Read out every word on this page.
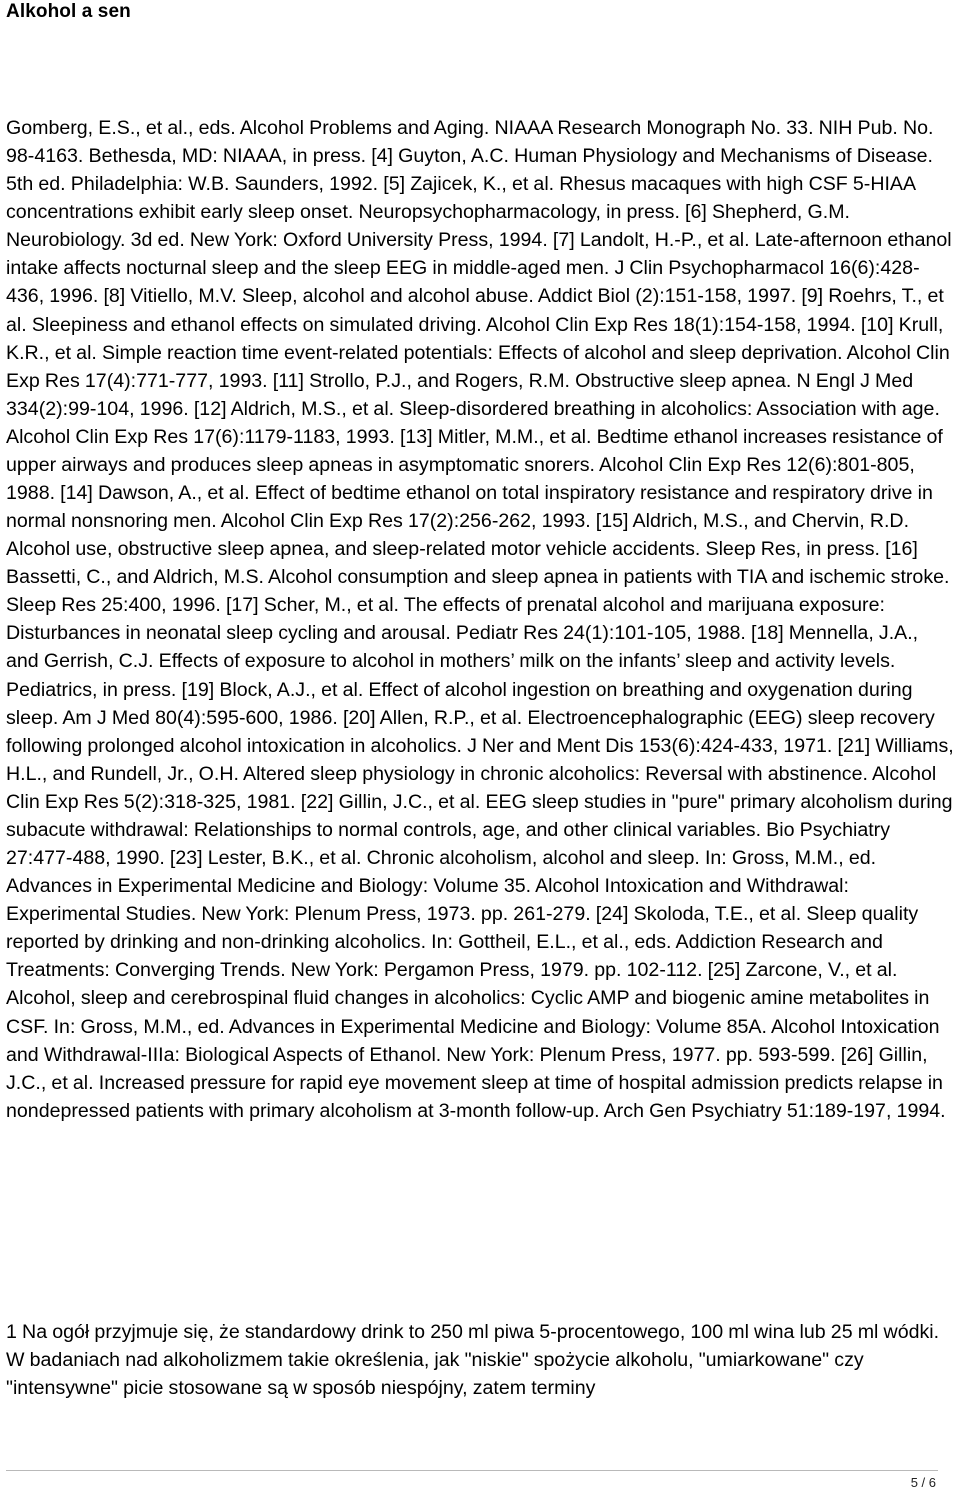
Alkohol a sen
Gomberg, E.S., et al., eds. Alcohol Problems and Aging. NIAAA Research Monograph No. 33. NIH Pub. No. 98-4163. Bethesda, MD: NIAAA, in press. [4] Guyton, A.C. Human Physiology and Mechanisms of Disease. 5th ed. Philadelphia: W.B. Saunders, 1992. [5] Zajicek, K., et al. Rhesus macaques with high CSF 5-HIAA concentrations exhibit early sleep onset. Neuropsychopharmacology, in press. [6] Shepherd, G.M. Neurobiology. 3d ed. New York: Oxford University Press, 1994. [7] Landolt, H.-P., et al. Late-afternoon ethanol intake affects nocturnal sleep and the sleep EEG in middle-aged men. J Clin Psychopharmacol 16(6):428-436, 1996. [8] Vitiello, M.V. Sleep, alcohol and alcohol abuse. Addict Biol (2):151-158, 1997. [9] Roehrs, T., et al. Sleepiness and ethanol effects on simulated driving. Alcohol Clin Exp Res 18(1):154-158, 1994. [10] Krull, K.R., et al. Simple reaction time event-related potentials: Effects of alcohol and sleep deprivation. Alcohol Clin Exp Res 17(4):771-777, 1993. [11] Strollo, P.J., and Rogers, R.M. Obstructive sleep apnea. N Engl J Med 334(2):99-104, 1996. [12] Aldrich, M.S., et al. Sleep-disordered breathing in alcoholics: Association with age. Alcohol Clin Exp Res 17(6):1179-1183, 1993. [13] Mitler, M.M., et al. Bedtime ethanol increases resistance of upper airways and produces sleep apneas in asymptomatic snorers. Alcohol Clin Exp Res 12(6):801-805, 1988. [14] Dawson, A., et al. Effect of bedtime ethanol on total inspiratory resistance and respiratory drive in normal nonsnoring men. Alcohol Clin Exp Res 17(2):256-262, 1993. [15] Aldrich, M.S., and Chervin, R.D. Alcohol use, obstructive sleep apnea, and sleep-related motor vehicle accidents. Sleep Res, in press. [16] Bassetti, C., and Aldrich, M.S. Alcohol consumption and sleep apnea in patients with TIA and ischemic stroke. Sleep Res 25:400, 1996. [17] Scher, M., et al. The effects of prenatal alcohol and marijuana exposure: Disturbances in neonatal sleep cycling and arousal. Pediatr Res 24(1):101-105, 1988. [18] Mennella, J.A., and Gerrish, C.J. Effects of exposure to alcohol in mothers’ milk on the infants’ sleep and activity levels. Pediatrics, in press. [19] Block, A.J., et al. Effect of alcohol ingestion on breathing and oxygenation during sleep. Am J Med 80(4):595-600, 1986. [20] Allen, R.P., et al. Electroencephalographic (EEG) sleep recovery following prolonged alcohol intoxication in alcoholics. J Ner and Ment Dis 153(6):424-433, 1971. [21] Williams, H.L., and Rundell, Jr., O.H. Altered sleep physiology in chronic alcoholics: Reversal with abstinence. Alcohol Clin Exp Res 5(2):318-325, 1981. [22] Gillin, J.C., et al. EEG sleep studies in "pure" primary alcoholism during subacute withdrawal: Relationships to normal controls, age, and other clinical variables. Bio Psychiatry 27:477-488, 1990. [23] Lester, B.K., et al. Chronic alcoholism, alcohol and sleep. In: Gross, M.M., ed. Advances in Experimental Medicine and Biology: Volume 35. Alcohol Intoxication and Withdrawal: Experimental Studies. New York: Plenum Press, 1973. pp. 261-279. [24] Skoloda, T.E., et al. Sleep quality reported by drinking and non-drinking alcoholics. In: Gottheil, E.L., et al., eds. Addiction Research and Treatments: Converging Trends. New York: Pergamon Press, 1979. pp. 102-112. [25] Zarcone, V., et al. Alcohol, sleep and cerebrospinal fluid changes in alcoholics: Cyclic AMP and biogenic amine metabolites in CSF. In: Gross, M.M., ed. Advances in Experimental Medicine and Biology: Volume 85A. Alcohol Intoxication and Withdrawal-IIIa: Biological Aspects of Ethanol. New York: Plenum Press, 1977. pp. 593-599. [26] Gillin, J.C., et al. Increased pressure for rapid eye movement sleep at time of hospital admission predicts relapse in nondepressed patients with primary alcoholism at 3-month follow-up. Arch Gen Psychiatry 51:189-197, 1994.
1 Na ogół przyjmuje się, że standardowy drink to 250 ml piwa 5-procentowego, 100 ml wina lub 25 ml wódki. W badaniach nad alkoholizmem takie określenia, jak "niskie" spożycie alkoholu, "umiarkowane" czy "intensywne" picie stosowane są w sposób niespójny, zatem terminy
5 / 6
